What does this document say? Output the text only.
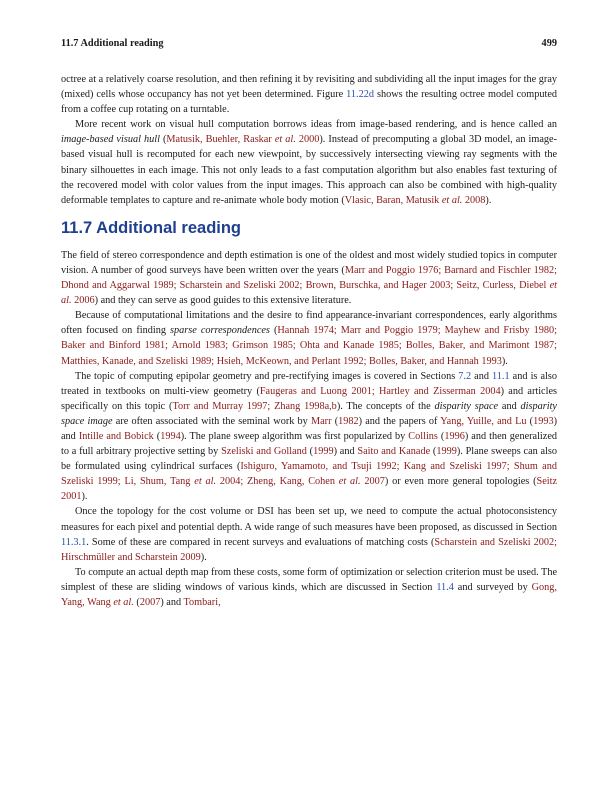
11.7 Additional reading	499

octree at a relatively coarse resolution, and then refining it by revisiting and subdividing all the input images for the gray (mixed) cells whose occupancy has not yet been determined. Figure 11.22d shows the resulting octree model computed from a coffee cup rotating on a turntable.

More recent work on visual hull computation borrows ideas from image-based rendering, and is hence called an image-based visual hull (Matusik, Buehler, Raskar et al. 2000). Instead of precomputing a global 3D model, an image-based visual hull is recomputed for each new viewpoint, by successively intersecting viewing ray segments with the binary silhouettes in each image. This not only leads to a fast computation algorithm but also enables fast texturing of the recovered model with color values from the input images. This approach can also be combined with high-quality deformable templates to capture and re-animate whole body motion (Vlasic, Baran, Matusik et al. 2008).

11.7 Additional reading

The field of stereo correspondence and depth estimation is one of the oldest and most widely studied topics in computer vision. A number of good surveys have been written over the years (Marr and Poggio 1976; Barnard and Fischler 1982; Dhond and Aggarwal 1989; Scharstein and Szeliski 2002; Brown, Burschka, and Hager 2003; Seitz, Curless, Diebel et al. 2006) and they can serve as good guides to this extensive literature.

Because of computational limitations and the desire to find appearance-invariant correspondences, early algorithms often focused on finding sparse correspondences (Hannah 1974; Marr and Poggio 1979; Mayhew and Frisby 1980; Baker and Binford 1981; Arnold 1983; Grimson 1985; Ohta and Kanade 1985; Bolles, Baker, and Marimont 1987; Matthies, Kanade, and Szeliski 1989; Hsieh, McKeown, and Perlant 1992; Bolles, Baker, and Hannah 1993).

The topic of computing epipolar geometry and pre-rectifying images is covered in Sections 7.2 and 11.1 and is also treated in textbooks on multi-view geometry (Faugeras and Luong 2001; Hartley and Zisserman 2004) and articles specifically on this topic (Torr and Murray 1997; Zhang 1998a,b). The concepts of the disparity space and disparity space image are often associated with the seminal work by Marr (1982) and the papers of Yang, Yuille, and Lu (1993) and Intille and Bobick (1994). The plane sweep algorithm was first popularized by Collins (1996) and then generalized to a full arbitrary projective setting by Szeliski and Golland (1999) and Saito and Kanade (1999). Plane sweeps can also be formulated using cylindrical surfaces (Ishiguro, Yamamoto, and Tsuji 1992; Kang and Szeliski 1997; Shum and Szeliski 1999; Li, Shum, Tang et al. 2004; Zheng, Kang, Cohen et al. 2007) or even more general topologies (Seitz 2001).

Once the topology for the cost volume or DSI has been set up, we need to compute the actual photoconsistency measures for each pixel and potential depth. A wide range of such measures have been proposed, as discussed in Section 11.3.1. Some of these are compared in recent surveys and evaluations of matching costs (Scharstein and Szeliski 2002; Hirschmüller and Scharstein 2009).

To compute an actual depth map from these costs, some form of optimization or selection criterion must be used. The simplest of these are sliding windows of various kinds, which are discussed in Section 11.4 and surveyed by Gong, Yang, Wang et al. (2007) and Tombari,
